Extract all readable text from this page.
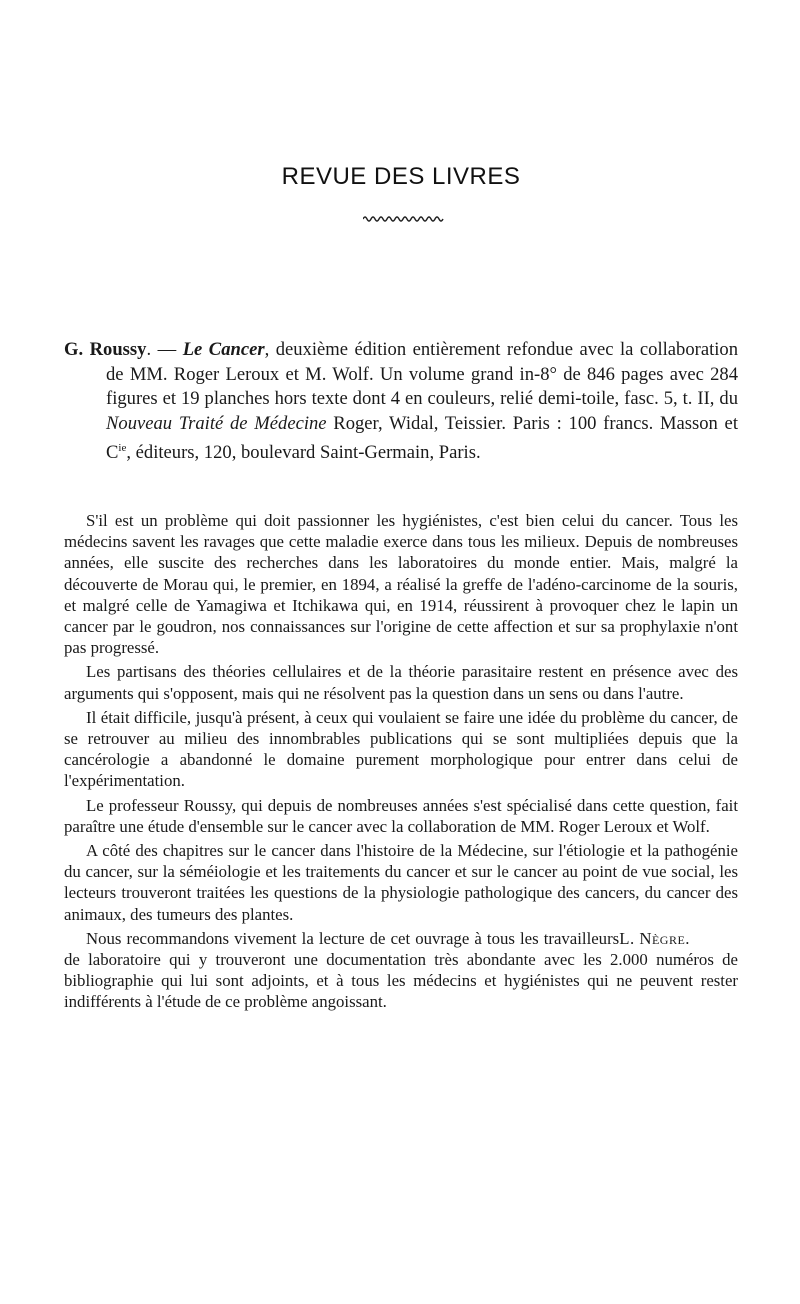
REVUE DES LIVRES
G. Roussy. — Le Cancer, deuxième édition entièrement refondue avec la collaboration de MM. Roger Leroux et M. Wolf. Un volume grand in-8° de 846 pages avec 284 figures et 19 planches hors texte dont 4 en couleurs, relié demi-toile, fasc. 5, t. II, du Nouveau Traité de Médecine Roger, Widal, Teissier. Paris : 100 francs. Masson et $C^{ie}$, éditeurs, 120, boulevard Saint-Germain, Paris.

S'il est un problème qui doit passionner les hygiénistes, c'est bien celui du cancer. Tous les médecins savent les ravages que cette maladie exerce dans tous les milieux. Depuis de nombreuses années, elle suscite des recherches dans les laboratoires du monde entier. Mais, malgré la découverte de Morau qui, le premier, en 1894, a réalisé la greffe de l'adéno-carcinome de la souris, et malgré celle de Yamagiwa et Itchikawa qui, en 1914, réussirent à provoquer chez le lapin un cancer par le goudron, nos connaissances sur l'origine de cette affection et sur sa prophylaxie n'ont pas progressé.

Les partisans des théories cellulaires et de la théorie parasitaire restent en présence avec des arguments qui s'opposent, mais qui ne résolvent pas la question dans un sens ou dans l'autre.

Il était difficile, jusqu'à présent, à ceux qui voulaient se faire une idée du problème du cancer, de se retrouver au milieu des innombrables publications qui se sont multipliées depuis que la cancérologie a abandonné le domaine purement morphologique pour entrer dans celui de l'expérimentation.

Le professeur Roussy, qui depuis de nombreuses années s'est spécialisé dans cette question, fait paraître une étude d'ensemble sur le cancer avec la collaboration de MM. Roger Leroux et Wolf.

A côté des chapitres sur le cancer dans l'histoire de la Médecine, sur l'étiologie et la pathogénie du cancer, sur la séméiologie et les traitements du cancer et sur le cancer au point de vue social, les lecteurs trouveront traitées les questions de la physiologie pathologique des cancers, du cancer des animaux, des tumeurs des plantes.

L. Nègre.
Nous recommandons vivement la lecture de cet ouvrage à tous les travailleurs de laboratoire qui y trouveront une documentation très abondante avec les 2.000 numéros de bibliographie qui lui sont adjoints, et à tous les médecins et hygiénistes qui ne peuvent rester indifférents à l'étude de ce problème angoissant.
